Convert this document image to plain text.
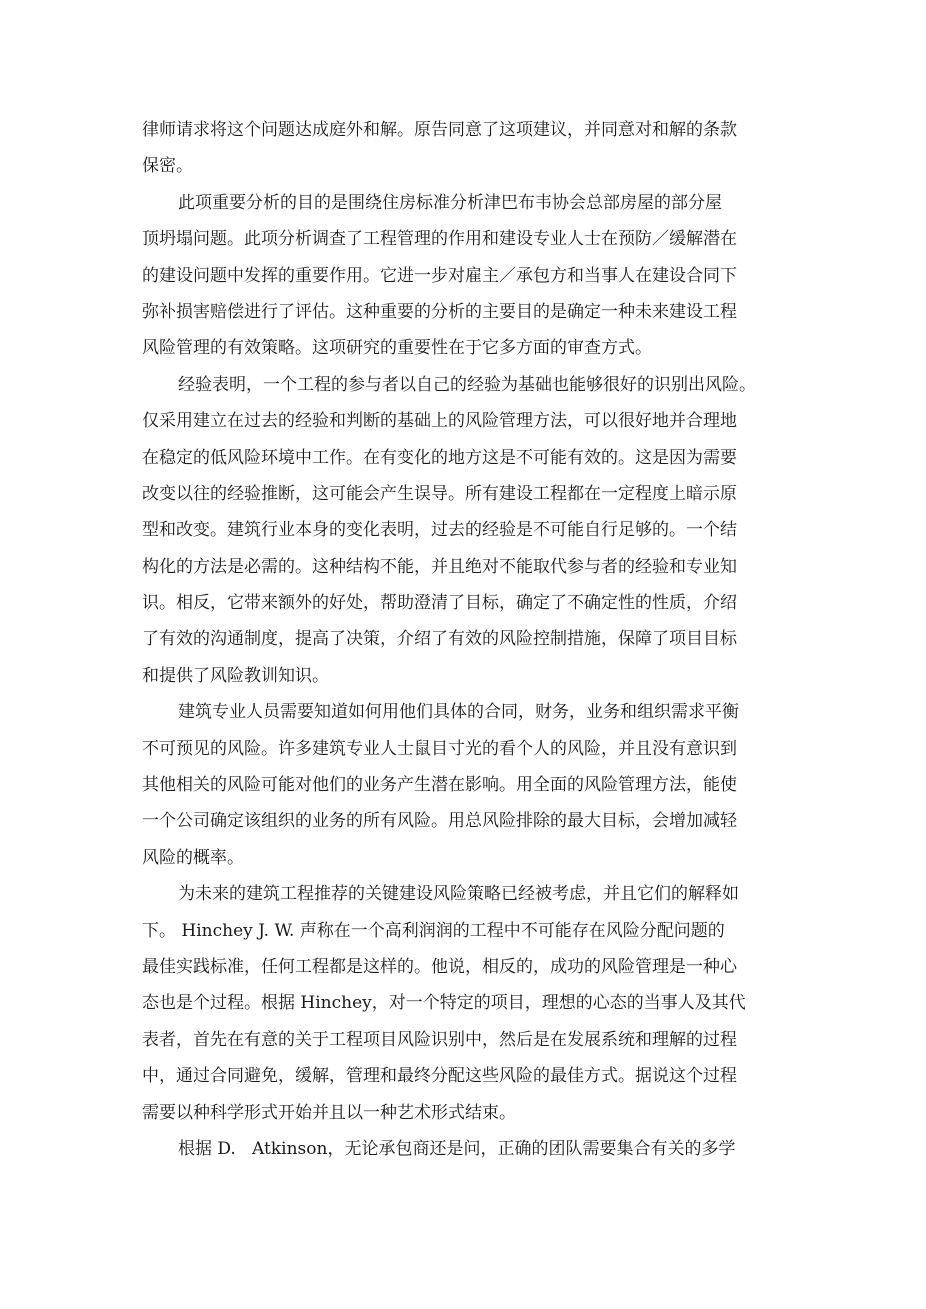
律师请求将这个问题达成庭外和解。原告同意了这项建议，并同意对和解的条款
保密。
此项重要分析的目的是围绕住房标准分析津巴布韦协会总部房屋的部分屋
顶坍塌问题。此项分析调查了工程管理的作用和建设专业人士在预防／缓解潜在
的建设问题中发挥的重要作用。它进一步对雇主／承包方和当事人在建设合同下
弥补损害赔偿进行了评估。这种重要的分析的主要目的是确定一种未来建设工程
风险管理的有效策略。这项研究的重要性在于它多方面的审查方式。
经验表明，一个工程的参与者以自己的经验为基础也能够很好的识别出风险。
仅采用建立在过去的经验和判断的基础上的风险管理方法，可以很好地并合理地
在稳定的低风险环境中工作。在有变化的地方这是不可能有效的。这是因为需要
改变以往的经验推断，这可能会产生误导。所有建设工程都在一定程度上暗示原
型和改变。建筑行业本身的变化表明，过去的经验是不可能自行足够的。一个结
构化的方法是必需的。这种结构不能，并且绝对不能取代参与者的经验和专业知
识。相反，它带来额外的好处，帮助澄清了目标，确定了不确定性的性质，介绍
了有效的沟通制度，提高了决策，介绍了有效的风险控制措施，保障了项目目标
和提供了风险教训知识。
建筑专业人员需要知道如何用他们具体的合同，财务，业务和组织需求平衡
不可预见的风险。许多建筑专业人士鼠目寸光的看个人的风险，并且没有意识到
其他相关的风险可能对他们的业务产生潜在影响。用全面的风险管理方法，能使
一个公司确定该组织的业务的所有风险。用总风险排除的最大目标，会增加减轻
风险的概率。
为未来的建筑工程推荐的关键建设风险策略已经被考虑，并且它们的解释如
下。 Hinchey J. W. 声称在一个高利润润的工程中不可能存在风险分配问题的
最佳实践标准，任何工程都是这样的。他说，相反的，成功的风险管理是一种心
态也是个过程。根据 Hinchey，对一个特定的项目，理想的心态的当事人及其代
表者，首先在有意的关于工程项目风险识别中，然后是在发展系统和理解的过程
中，通过合同避免，缓解，管理和最终分配这些风险的最佳方式。据说这个过程
需要以种科学形式开始并且以一种艺术形式结束。
根据 D.   Atkinson，无论承包商还是问，正确的团队需要集合有关的多学
